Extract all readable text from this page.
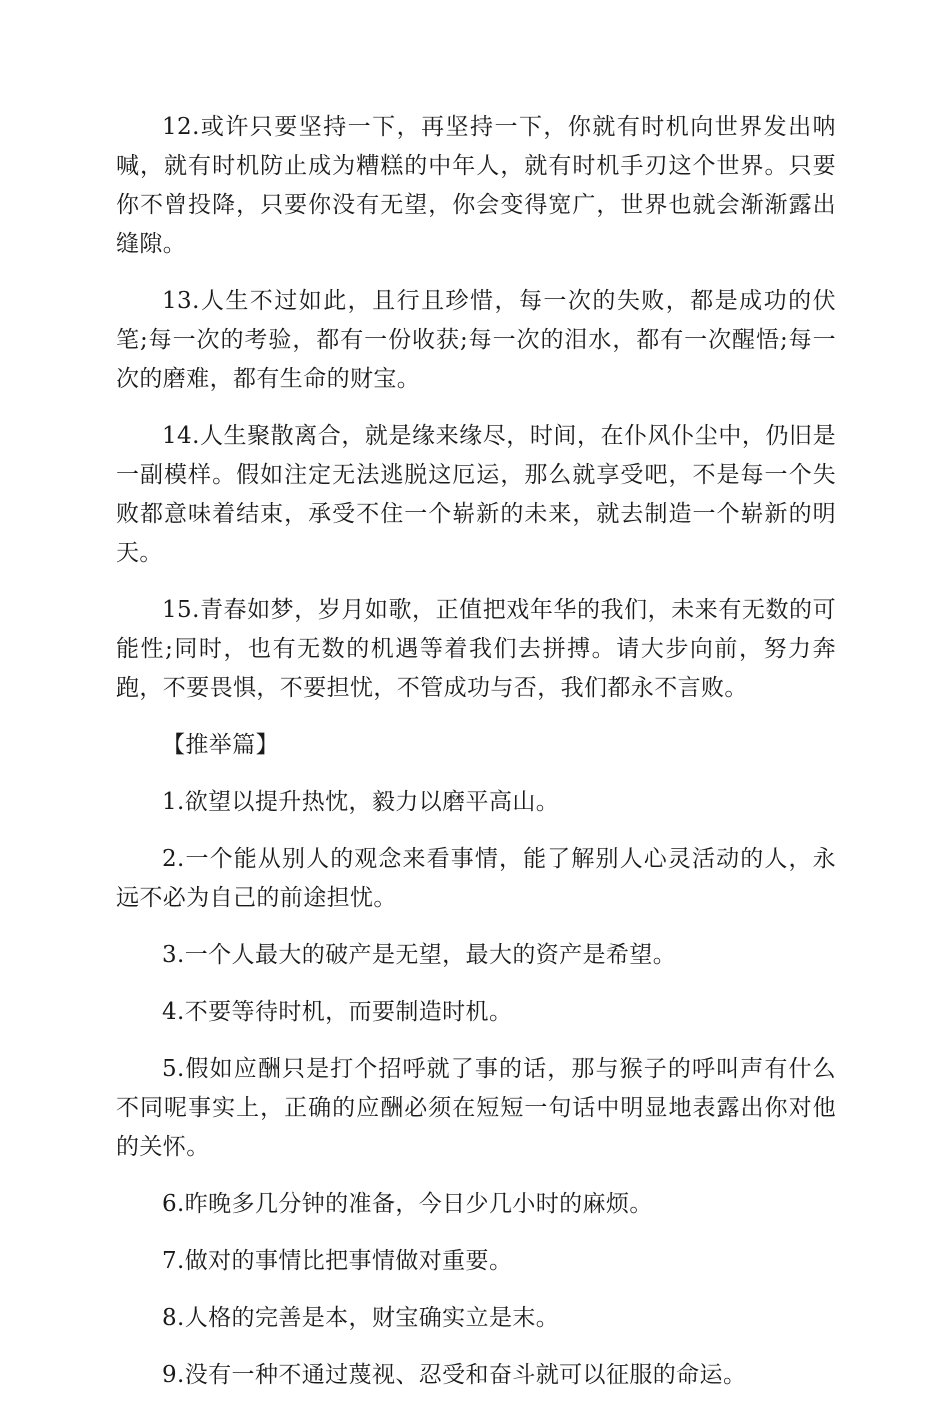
12.或许只要坚持一下，再坚持一下，你就有时机向世界发出呐喊，就有时机防止成为糟糕的中年人，就有时机手刃这个世界。只要你不曾投降，只要你没有无望，你会变得宽广，世界也就会渐渐露出缝隙。

13.人生不过如此，且行且珍惜，每一次的失败，都是成功的伏笔;每一次的考验，都有一份收获;每一次的泪水，都有一次醒悟;每一次的磨难，都有生命的财宝。

14.人生聚散离合，就是缘来缘尽，时间，在仆风仆尘中，仍旧是一副模样。假如注定无法逃脱这厄运，那么就享受吧，不是每一个失败都意味着结束，承受不住一个崭新的未来，就去制造一个崭新的明天。

15.青春如梦，岁月如歌，正值把戏年华的我们，未来有无数的可能性;同时，也有无数的机遇等着我们去拼搏。请大步向前，努力奔跑，不要畏惧，不要担忧，不管成功与否，我们都永不言败。

【推举篇】

1.欲望以提升热忱，毅力以磨平高山。

2.一个能从别人的观念来看事情，能了解别人心灵活动的人，永远不必为自己的前途担忧。

3.一个人最大的破产是无望，最大的资产是希望。

4.不要等待时机，而要制造时机。

5.假如应酬只是打个招呼就了事的话，那与猴子的呼叫声有什么不同呢事实上，正确的应酬必须在短短一句话中明显地表露出你对他的关怀。

6.昨晚多几分钟的准备，今日少几小时的麻烦。

7.做对的事情比把事情做对重要。

8.人格的完善是本，财宝确实立是末。

9.没有一种不通过蔑视、忍受和奋斗就可以征服的命运。
